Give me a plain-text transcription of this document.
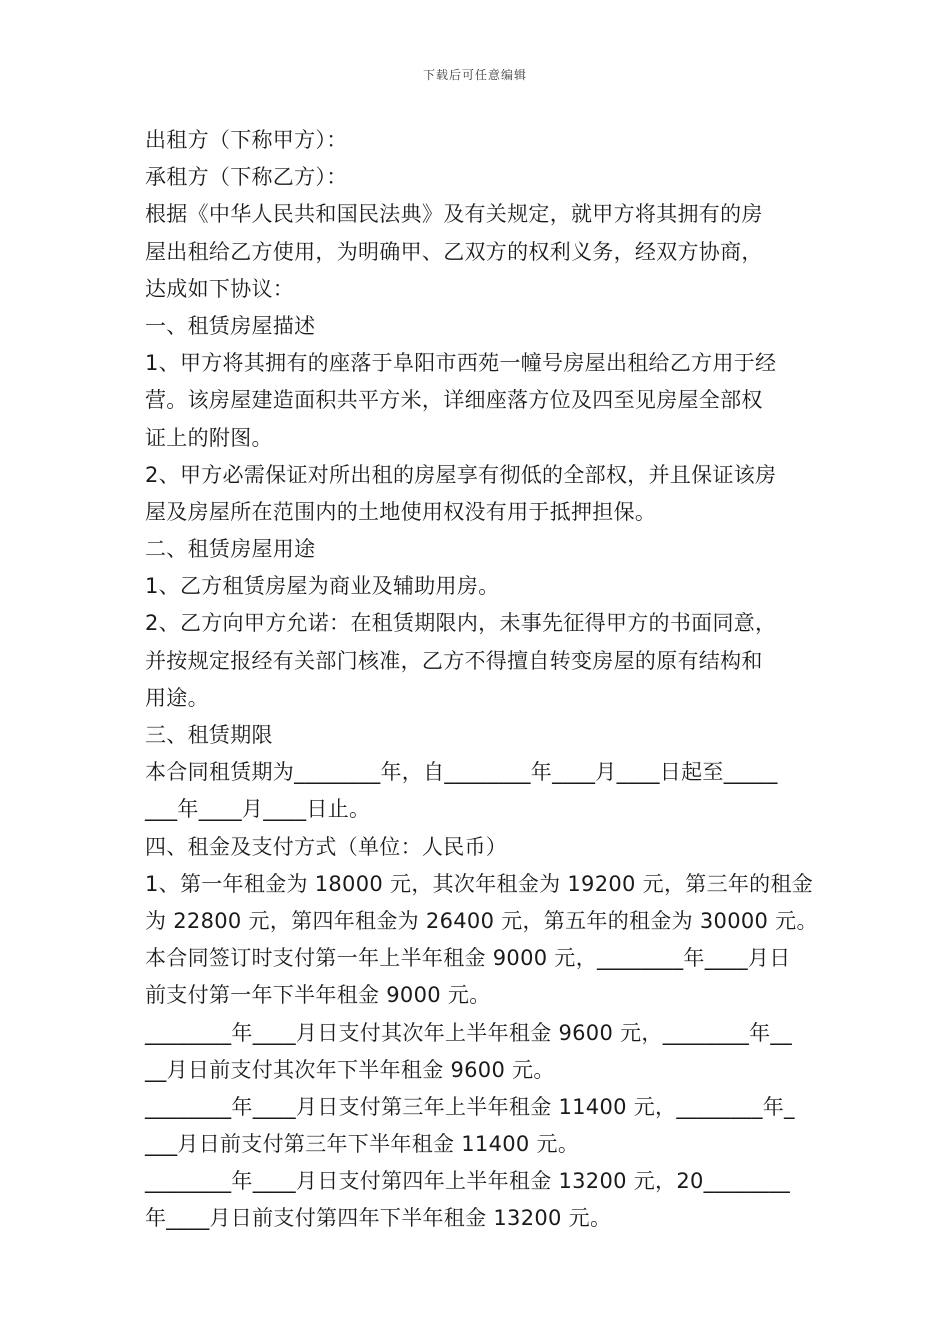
下载后可任意编辑
出租方（下称甲方）：
承租方（下称乙方）：
根据《中华人民共和国民法典》及有关规定，就甲方将其拥有的房
屋出租给乙方使用，为明确甲、乙双方的权利义务，经双方协商，
达成如下协议：
一、租赁房屋描述
1、甲方将其拥有的座落于阜阳市西苑一幢号房屋出租给乙方用于经
营。该房屋建造面积共平方米，详细座落方位及四至见房屋全部权
证上的附图。
2、甲方必需保证对所出租的房屋享有彻低的全部权，并且保证该房
屋及房屋所在范围内的土地使用权没有用于抵押担保。
二、租赁房屋用途
1、乙方租赁房屋为商业及辅助用房。
2、乙方向甲方允诺：在租赁期限内，未事先征得甲方的书面同意，
并按规定报经有关部门核准，乙方不得擅自转变房屋的原有结构和
用途。
三、租赁期限
本合同租赁期为________年，自________年____月____日起至_____
___年____月____日止。
四、租金及支付方式（单位：人民币）
1、第一年租金为 18000 元，其次年租金为 19200 元，第三年的租金
为 22800 元，第四年租金为 26400 元，第五年的租金为 30000 元。
本合同签订时支付第一年上半年租金 9000 元，________年____月日
前支付第一年下半年租金 9000 元。
________年____月日支付其次年上半年租金 9600 元，________年__
__月日前支付其次年下半年租金 9600 元。
________年____月日支付第三年上半年租金 11400 元，________年_
___月日前支付第三年下半年租金 11400 元。
________年____月日支付第四年上半年租金 13200 元，20________
年____月日前支付第四年下半年租金 13200 元。
